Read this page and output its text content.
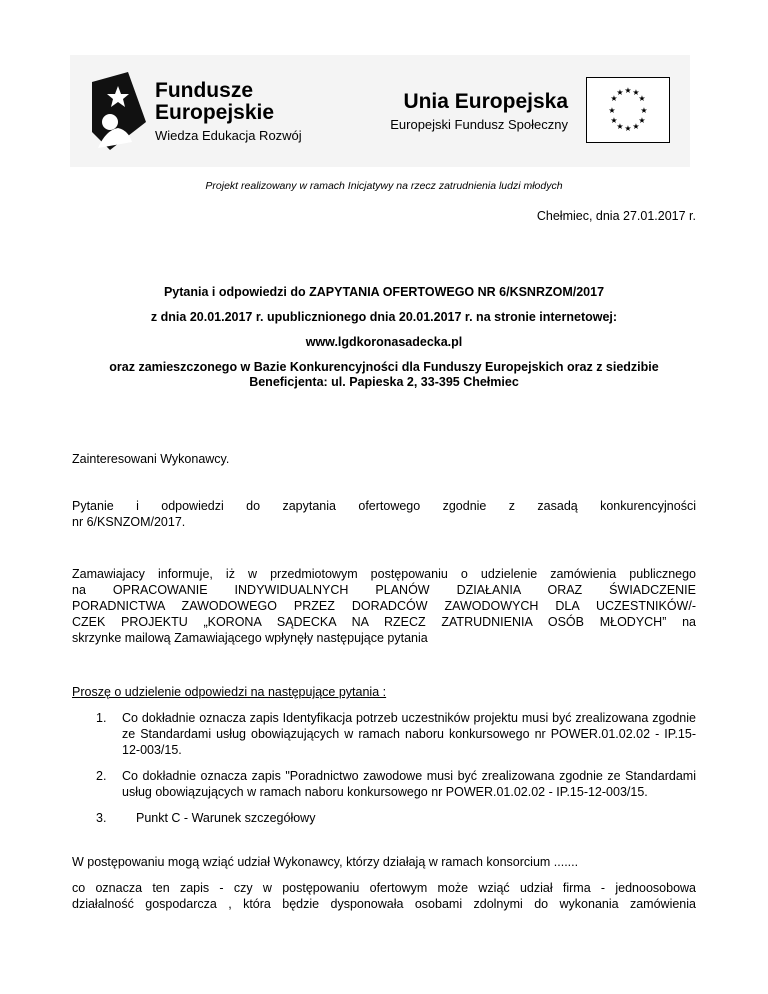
Fundusze
Europejskie
Wiedza Edukacja Rozwój
Unia Europejska
Europejski Fundusz Społeczny
★ ★
★
★
★
★
★
★
★
★
★
★
Projekt realizowany w ramach Inicjatywy na rzecz zatrudnienia ludzi młodych
Chełmiec, dnia 27.01.2017 r.

Pytania i odpowiedzi do ZAPYTANIA OFERTOWEGO NR 6/KSNRZOM/2017

z dnia 20.01.2017 r. upublicznionego dnia 20.01.2017 r. na stronie internetowej:

www.lgdkoronasadecka.pl

oraz zamieszczonego w Bazie Konkurencyjności dla Funduszy Europejskich oraz z siedzibie

Beneficjenta: ul. Papieska 2, 33-395 Chełmiec

Zainteresowani Wykonawcy.
Pytanie i odpowiedzi do zapytania ofertowego zgodnie z zasadą konkurencyjności
nr 6/KSNZOM/2017.
Zamawiajacy informuje, iż w przedmiotowym postępowaniu o udzielenie zamówienia publicznego
na OPRACOWANIE INDYWIDUALNYCH PLANÓW DZIAŁANIA ORAZ ŚWIADCZENIE
PORADNICTWA ZAWODOWEGO PRZEZ DORADCÓW ZAWODOWYCH DLA UCZESTNIKÓW/-
CZEK PROJEKTU „KORONA SĄDECKA NA RZECZ ZATRUDNIENIA OSÓB MŁODYCH” na
skrzynke mailową Zamawiającego wpłynęły następujące pytania
Proszę o udzielenie odpowiedzi na następujące pytania :
1.	Co dokładnie oznacza zapis Identyfikacja potrzeb uczestników projektu musi być zrealizowana zgodnie ze Standardami usług obowiązujących w ramach naboru konkursowego nr POWER.01.02.02 - IP.15-12-003/15.
2.	Co dokładnie oznacza zapis "Poradnictwo zawodowe musi być zrealizowana zgodnie ze Standardami usług obowiązujących w ramach naboru konkursowego nr POWER.01.02.02 - IP.15-12-003/15.
3.	Punkt C - Warunek szczegółowy
W postępowaniu mogą wziąć udział Wykonawcy, którzy działają w ramach konsorcium .......
co oznacza ten zapis - czy w postępowaniu ofertowym może wziąć udział firma - jednoosobowa
działalność gospodarcza , która będzie dysponowała osobami zdolnymi do wykonania zamówienia
